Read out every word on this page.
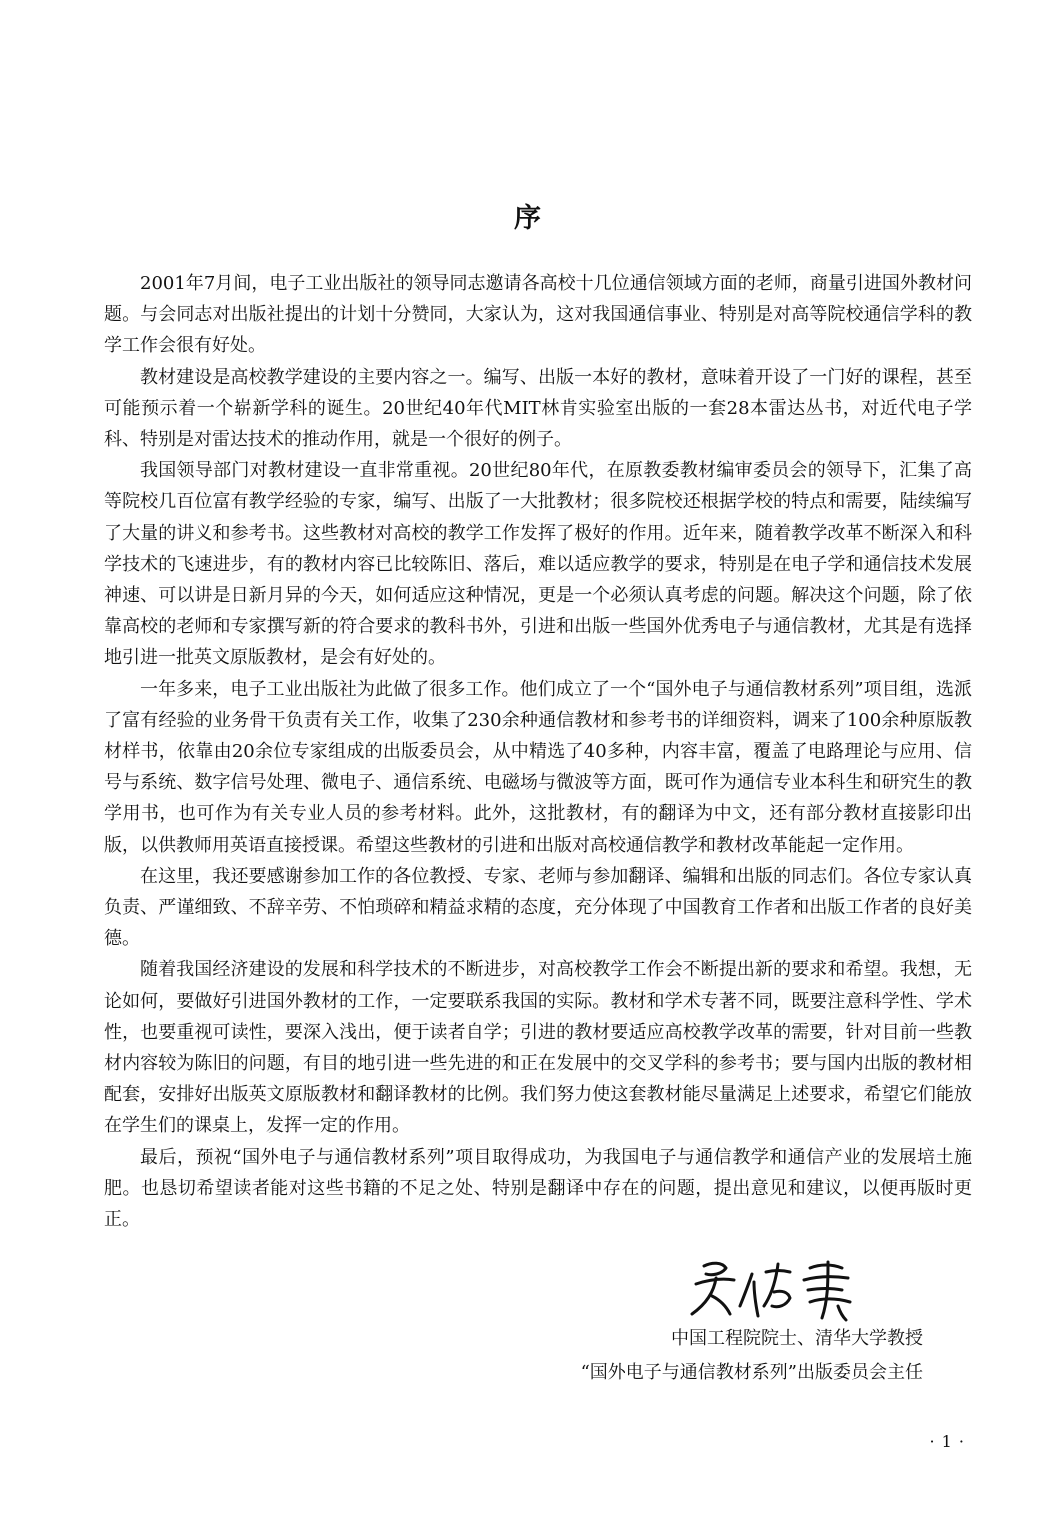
序

2001年7月间，电子工业出版社的领导同志邀请各高校十几位通信领域方面的老师，商量引进国外教材问题。与会同志对出版社提出的计划十分赞同，大家认为，这对我国通信事业、特别是对高等院校通信学科的教学工作会很有好处。

教材建设是高校教学建设的主要内容之一。编写、出版一本好的教材，意味着开设了一门好的课程，甚至可能预示着一个崭新学科的诞生。20世纪40年代MIT林肯实验室出版的一套28本雷达丛书，对近代电子学科、特别是对雷达技术的推动作用，就是一个很好的例子。

我国领导部门对教材建设一直非常重视。20世纪80年代，在原教委教材编审委员会的领导下，汇集了高等院校几百位富有教学经验的专家，编写、出版了一大批教材；很多院校还根据学校的特点和需要，陆续编写了大量的讲义和参考书。这些教材对高校的教学工作发挥了极好的作用。近年来，随着教学改革不断深入和科学技术的飞速进步，有的教材内容已比较陈旧、落后，难以适应教学的要求，特别是在电子学和通信技术发展神速、可以讲是日新月异的今天，如何适应这种情况，更是一个必须认真考虑的问题。解决这个问题，除了依靠高校的老师和专家撰写新的符合要求的教科书外，引进和出版一些国外优秀电子与通信教材，尤其是有选择地引进一批英文原版教材，是会有好处的。

一年多来，电子工业出版社为此做了很多工作。他们成立了一个“国外电子与通信教材系列”项目组，选派了富有经验的业务骨干负责有关工作，收集了230余种通信教材和参考书的详细资料，调来了100余种原版教材样书，依靠由20余位专家组成的出版委员会，从中精选了40多种，内容丰富，覆盖了电路理论与应用、信号与系统、数字信号处理、微电子、通信系统、电磁场与微波等方面，既可作为通信专业本科生和研究生的教学用书，也可作为有关专业人员的参考材料。此外，这批教材，有的翻译为中文，还有部分教材直接影印出版，以供教师用英语直接授课。希望这些教材的引进和出版对高校通信教学和教材改革能起一定作用。

在这里，我还要感谢参加工作的各位教授、专家、老师与参加翻译、编辑和出版的同志们。各位专家认真负责、严谨细致、不辞辛劳、不怕琐碎和精益求精的态度，充分体现了中国教育工作者和出版工作者的良好美德。

随着我国经济建设的发展和科学技术的不断进步，对高校教学工作会不断提出新的要求和希望。我想，无论如何，要做好引进国外教材的工作，一定要联系我国的实际。教材和学术专著不同，既要注意科学性、学术性，也要重视可读性，要深入浅出，便于读者自学；引进的教材要适应高校教学改革的需要，针对目前一些教材内容较为陈旧的问题，有目的地引进一些先进的和正在发展中的交叉学科的参考书；要与国内出版的教材相配套，安排好出版英文原版教材和翻译教材的比例。我们努力使这套教材能尽量满足上述要求，希望它们能放在学生们的课桌上，发挥一定的作用。

最后，预祝“国外电子与通信教材系列”项目取得成功，为我国电子与通信教学和通信产业的发展培土施肥。也恳切希望读者能对这些书籍的不足之处、特别是翻译中存在的问题，提出意见和建议，以便再版时更正。

中国工程院院士、清华大学教授
“国外电子与通信教材系列”出版委员会主任
· 1 ·
